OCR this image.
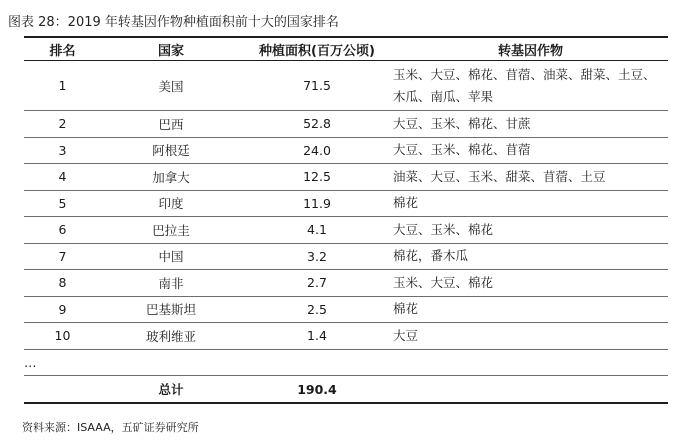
图表 28：2019 年转基因作物种植面积前十大的国家排名
排名	国家	种植面积(百万公顷)	转基因作物
1	美国	71.5	玉米、大豆、棉花、苜蓿、油菜、甜菜、土豆、
木瓜、南瓜、苹果

2	巴西	52.8	大豆、玉米、棉花、甘蔗
3	阿根廷	24.0	大豆、玉米、棉花、苜蓿
4	加拿大	12.5	油菜、大豆、玉米、甜菜、苜蓿、土豆
5	印度	11.9	棉花
6	巴拉圭	4.1	大豆、玉米、棉花
7	中国	3.2	棉花，番木瓜
8	南非	2.7	玉米、大豆、棉花
9	巴基斯坦	2.5	棉花
10	玻利维亚	1.4	大豆
…			
	总计	190.4	
资料来源：ISAAA，五矿证券研究所
